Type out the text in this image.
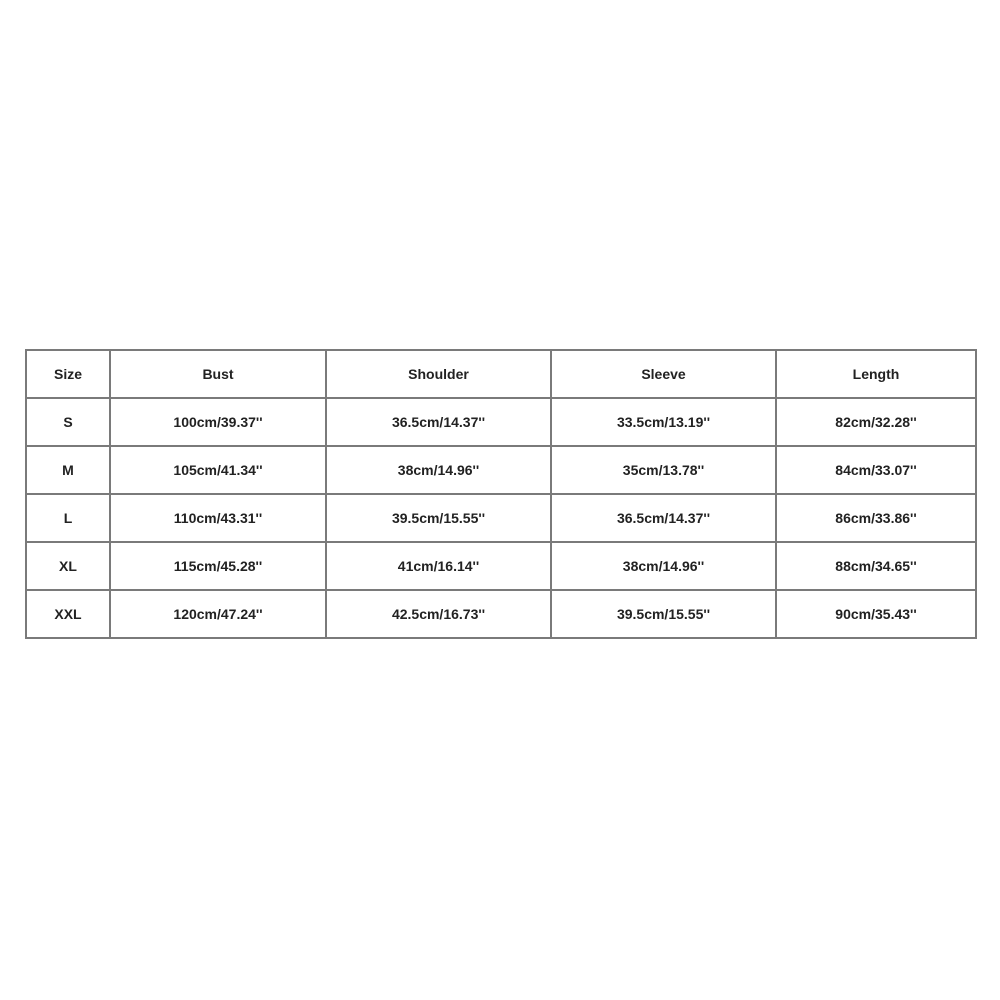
Size	Bust	Shoulder	Sleeve	Length
S	100cm/39.37''	36.5cm/14.37''	33.5cm/13.19''	82cm/32.28''
M	105cm/41.34''	38cm/14.96''	35cm/13.78''	84cm/33.07''
L	110cm/43.31''	39.5cm/15.55''	36.5cm/14.37''	86cm/33.86''
XL	115cm/45.28''	41cm/16.14''	38cm/14.96''	88cm/34.65''
XXL	120cm/47.24''	42.5cm/16.73''	39.5cm/15.55''	90cm/35.43''
